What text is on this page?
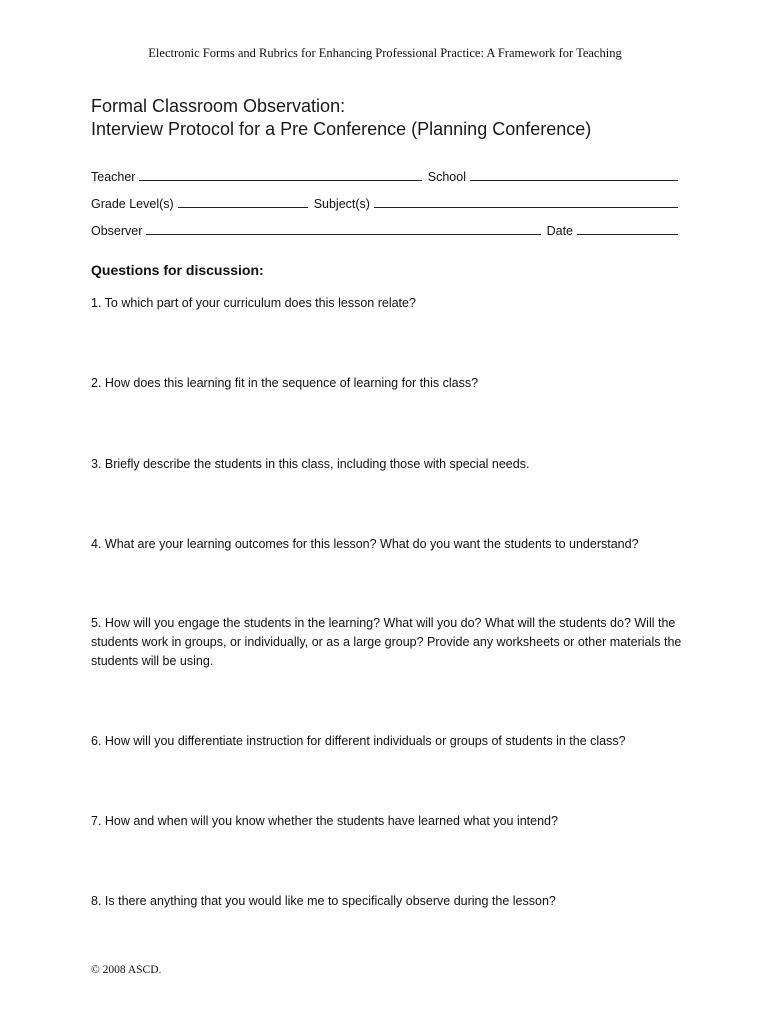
Electronic Forms and Rubrics for Enhancing Professional Practice: A Framework for Teaching
Formal Classroom Observation:
Interview Protocol for a Pre Conference (Planning Conference)
Teacher	School
Grade Level(s)	Subject(s)
Observer	Date
Questions for discussion:
1. To which part of your curriculum does this lesson relate?
2. How does this learning fit in the sequence of learning for this class?
3. Briefly describe the students in this class, including those with special needs.
4. What are your learning outcomes for this lesson? What do you want the students to understand?
5. How will you engage the students in the learning? What will you do? What will the students do? Will the students work in groups, or individually, or as a large group? Provide any worksheets or other materials the students will be using.
6. How will you differentiate instruction for different individuals or groups of students in the class?
7. How and when will you know whether the students have learned what you intend?
8. Is there anything that you would like me to specifically observe during the lesson?
© 2008 ASCD.
